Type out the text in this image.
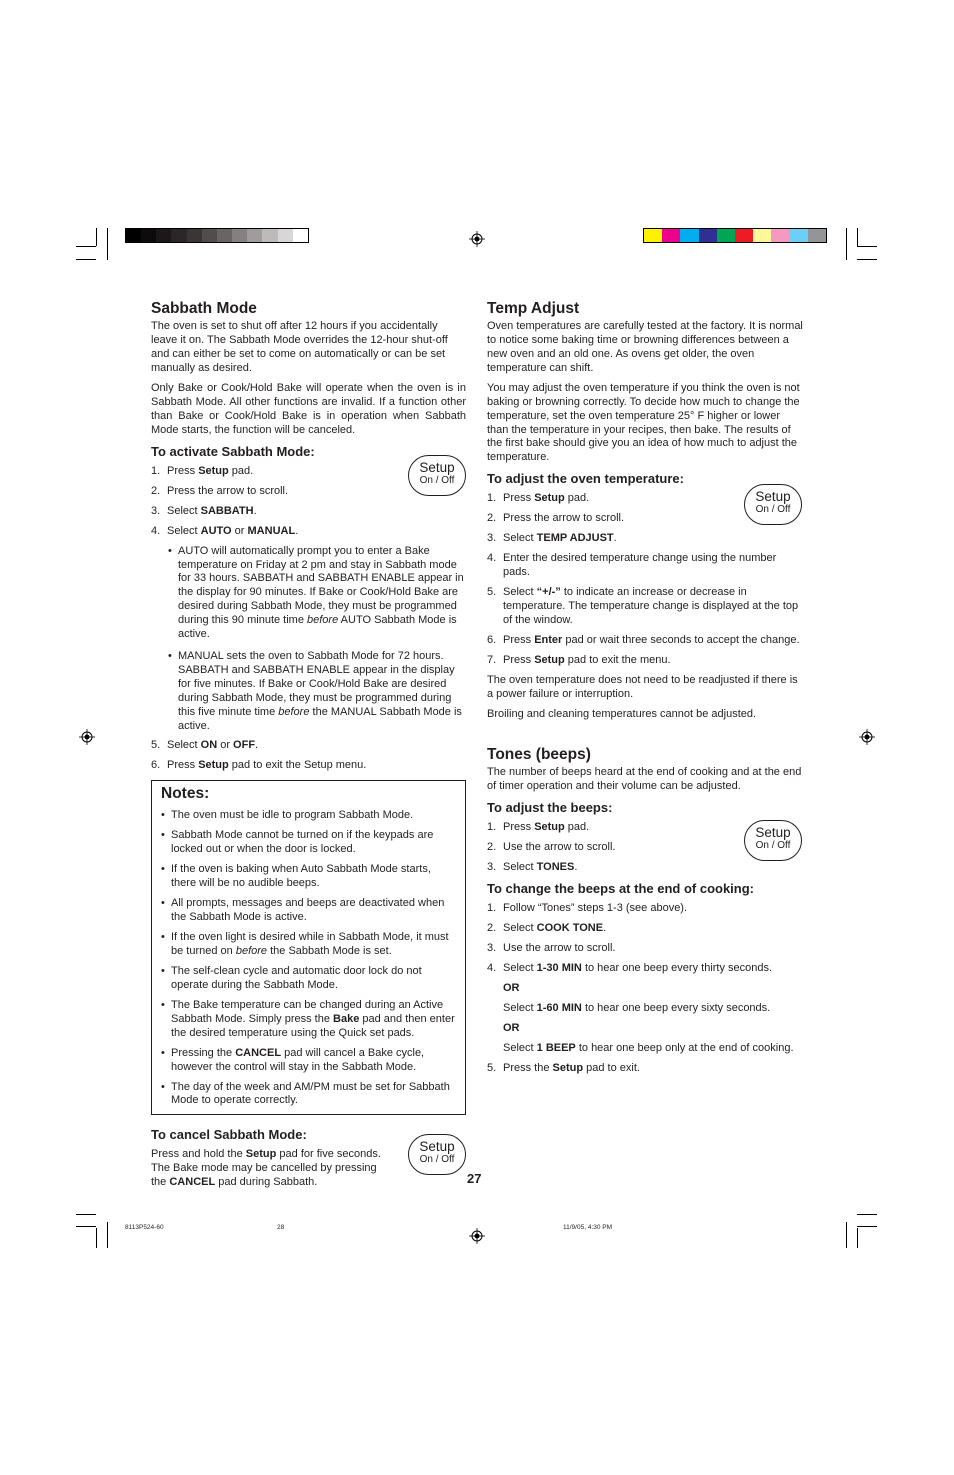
Sabbath Mode

The oven is set to shut off after 12 hours if you accidentally leave it on. The Sabbath Mode overrides the 12-hour shut-off and can either be set to come on automatically or can be set manually as desired.

Only Bake or Cook/Hold Bake will operate when the oven is in Sabbath Mode. All other functions are invalid. If a function other than Bake or Cook/Hold Bake is in operation when Sabbath Mode starts, the function will be canceled.

To activate Sabbath Mode:
1. Press Setup pad.
2. Press the arrow to scroll.
3. Select SABBATH.
4. Select AUTO or MANUAL.
• AUTO will automatically prompt you to enter a Bake temperature on Friday at 2 pm and stay in Sabbath mode for 33 hours. SABBATH and SABBATH ENABLE appear in the display for 90 minutes. If Bake or Cook/Hold Bake are desired during Sabbath Mode, they must be programmed during this 90 minute time before AUTO Sabbath Mode is active.
• MANUAL sets the oven to Sabbath Mode for 72 hours. SABBATH and SABBATH ENABLE appear in the display for five minutes. If Bake or Cook/Hold Bake are desired during Sabbath Mode, they must be programmed during this five minute time before the MANUAL Sabbath Mode is active.
5. Select ON or OFF.
6. Press Setup pad to exit the Setup menu.
Notes:
• The oven must be idle to program Sabbath Mode.
• Sabbath Mode cannot be turned on if the keypads are locked out or when the door is locked.
• If the oven is baking when Auto Sabbath Mode starts, there will be no audible beeps.
• All prompts, messages and beeps are deactivated when the Sabbath Mode is active.
• If the oven light is desired while in Sabbath Mode, it must be turned on before the Sabbath Mode is set.
• The self-clean cycle and automatic door lock do not operate during the Sabbath Mode.
• The Bake temperature can be changed during an Active Sabbath Mode. Simply press the Bake pad and then enter the desired temperature using the Quick set pads.
• Pressing the CANCEL pad will cancel a Bake cycle, however the control will stay in the Sabbath Mode.
• The day of the week and AM/PM must be set for Sabbath Mode to operate correctly.
To cancel Sabbath Mode:

Press and hold the Setup pad for five seconds. The Bake mode may be cancelled by pressing the CANCEL pad during Sabbath.

Temp Adjust

Oven temperatures are carefully tested at the factory. It is normal to notice some baking time or browning differences between a new oven and an old one. As ovens get older, the oven temperature can shift.

You may adjust the oven temperature if you think the oven is not baking or browning correctly. To decide how much to change the temperature, set the oven temperature 25° F higher or lower than the temperature in your recipes, then bake. The results of the first bake should give you an idea of how much to adjust the temperature.

To adjust the oven temperature:
1. Press Setup pad.
2. Press the arrow to scroll.
3. Select TEMP ADJUST.
4. Enter the desired temperature change using the number pads.
5. Select “+/-” to indicate an increase or decrease in temperature. The temperature change is displayed at the top of the window.
6. Press Enter pad or wait three seconds to accept the change.
7. Press Setup pad to exit the menu.

The oven temperature does not need to be readjusted if there is a power failure or interruption.

Broiling and cleaning temperatures cannot be adjusted.

Tones (beeps)

The number of beeps heard at the end of cooking and at the end of timer operation and their volume can be adjusted.

To adjust the beeps:
1. Press Setup pad.
2. Use the arrow to scroll.
3. Select TONES.
To change the beeps at the end of cooking:
1. Follow “Tones” steps 1-3 (see above).
2. Select COOK TONE.
3. Use the arrow to scroll.
4. Select 1-30 MIN to hear one beep every thirty seconds.
OR
Select 1-60 MIN to hear one beep every sixty seconds.
OR
Select 1 BEEP to hear one beep only at the end of cooking.
5. Press the Setup pad to exit.
Setup
On / Off
Setup
On / Off
Setup
On / Off
Setup
On / Off
27
8113P524-60	28	11/9/05, 4:30 PM
